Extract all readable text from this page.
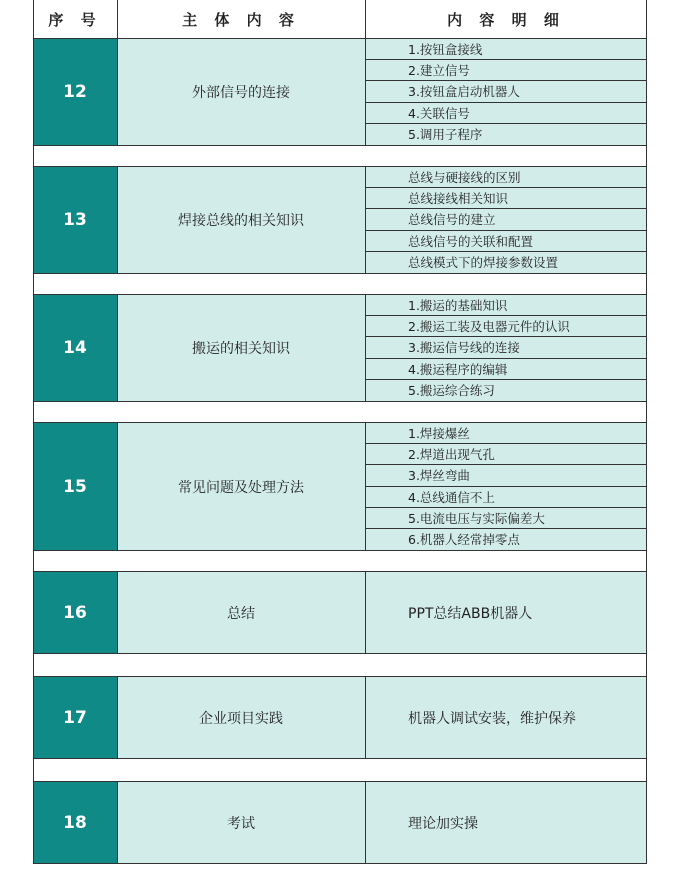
序 号	主 体 内 容	内 容 明 细
12	外部信号的连接
1.按钮盒接线
2.建立信号
3.按钮盒启动机器人
4.关联信号
5.调用子程序
13	焊接总线的相关知识
总线与硬接线的区别
总线接线相关知识
总线信号的建立
总线信号的关联和配置
总线模式下的焊接参数设置
14	搬运的相关知识
1.搬运的基础知识
2.搬运工装及电器元件的认识
3.搬运信号线的连接
4.搬运程序的编辑
5.搬运综合练习
15	常见问题及处理方法
1.焊接爆丝
2.焊道出现气孔
3.焊丝弯曲
4.总线通信不上
5.电流电压与实际偏差大
6.机器人经常掉零点
16	总结	PPT总结ABB机器人
17	企业项目实践	机器人调试安装，维护保养
18	考试	理论加实操
